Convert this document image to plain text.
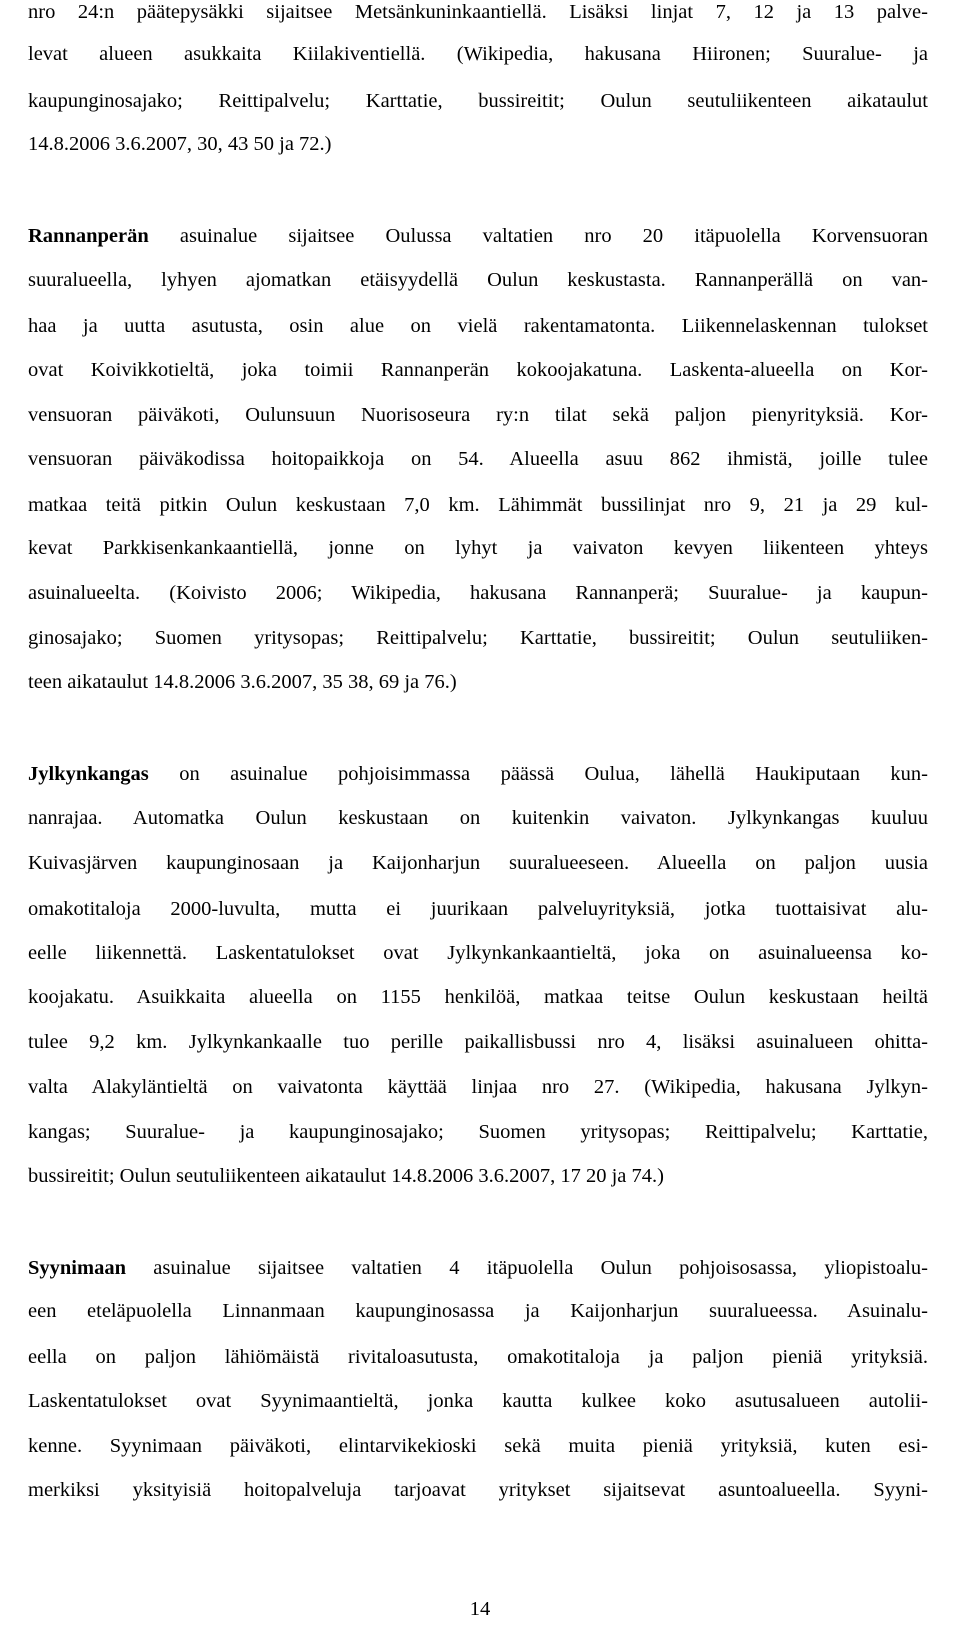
nro 24:n päätepysäkki sijaitsee Metsänkuninkaantiellä. Lisäksi linjat 7, 12 ja 13 palve-
levat alueen asukkaita Kiilakiventiellä. (Wikipedia, hakusana Hiironen; Suuralue- ja
kaupunginosajako; Reittipalvelu; Karttatie, bussireitit; Oulun seutuliikenteen aikataulut
14.8.2006 3.6.2007, 30, 43 50 ja 72.)
Rannanperän asuinalue sijaitsee Oulussa valtatien nro 20 itäpuolella Korvensuoran
suuralueella, lyhyen ajomatkan etäisyydellä Oulun keskustasta. Rannanperällä on van-
haa ja uutta asutusta, osin alue on vielä rakentamatonta. Liikennelaskennan tulokset
ovat Koivikkotieltä, joka toimii Rannanperän kokoojakatuna. Laskenta-alueella on Kor-
vensuoran päiväkoti, Oulunsuun Nuorisoseura ry:n tilat sekä paljon pienyrityksiä. Kor-
vensuoran päiväkodissa hoitopaikkoja on 54. Alueella asuu 862 ihmistä, joille tulee
matkaa teitä pitkin Oulun keskustaan 7,0 km. Lähimmät bussilinjat nro 9, 21 ja 29 kul-
kevat Parkkisenkankaantiellä, jonne on lyhyt ja vaivaton kevyen liikenteen yhteys
asuinalueelta. (Koivisto 2006; Wikipedia, hakusana Rannanperä; Suuralue- ja kaupun-
ginosajako; Suomen yritysopas; Reittipalvelu; Karttatie, bussireitit; Oulun seutuliiken-
teen aikataulut 14.8.2006 3.6.2007, 35 38, 69 ja 76.)
Jylkynkangas on asuinalue pohjoisimmassa päässä Oulua, lähellä Haukiputaan kun-
nanrajaa. Automatka Oulun keskustaan on kuitenkin vaivaton. Jylkynkangas kuuluu
Kuivasjärven kaupunginosaan ja Kaijonharjun suuralueeseen. Alueella on paljon uusia
omakotitaloja 2000-luvulta, mutta ei juurikaan palveluyrityksiä, jotka tuottaisivat alu-
eelle liikennettä. Laskentatulokset ovat Jylkynkankaantieltä, joka on asuinalueensa ko-
koojakatu. Asuikkaita alueella on 1155 henkilöä, matkaa teitse Oulun keskustaan heiltä
tulee 9,2 km. Jylkynkankaalle tuo perille paikallisbussi nro 4, lisäksi asuinalueen ohitta-
valta Alakyläntieltä on vaivatonta käyttää linjaa nro 27. (Wikipedia, hakusana Jylkyn-
kangas; Suuralue- ja kaupunginosajako; Suomen yritysopas; Reittipalvelu; Karttatie,
bussireitit; Oulun seutuliikenteen aikataulut 14.8.2006 3.6.2007, 17 20 ja 74.)
Syynimaan asuinalue sijaitsee valtatien 4 itäpuolella Oulun pohjoisosassa, yliopistoalu-
een eteläpuolella Linnanmaan kaupunginosassa ja Kaijonharjun suuralueessa. Asuinalu-
eella on paljon lähiömäistä rivitaloasutusta, omakotitaloja ja paljon pieniä yrityksiä.
Laskentatulokset ovat Syynimaantieltä, jonka kautta kulkee koko asutusalueen autolii-
kenne. Syynimaan päiväkoti, elintarvikekioski sekä muita pieniä yrityksiä, kuten esi-
merkiksi yksityisiä hoitopalveluja tarjoavat yritykset sijaitsevat asuntoalueella. Syyni-
14
